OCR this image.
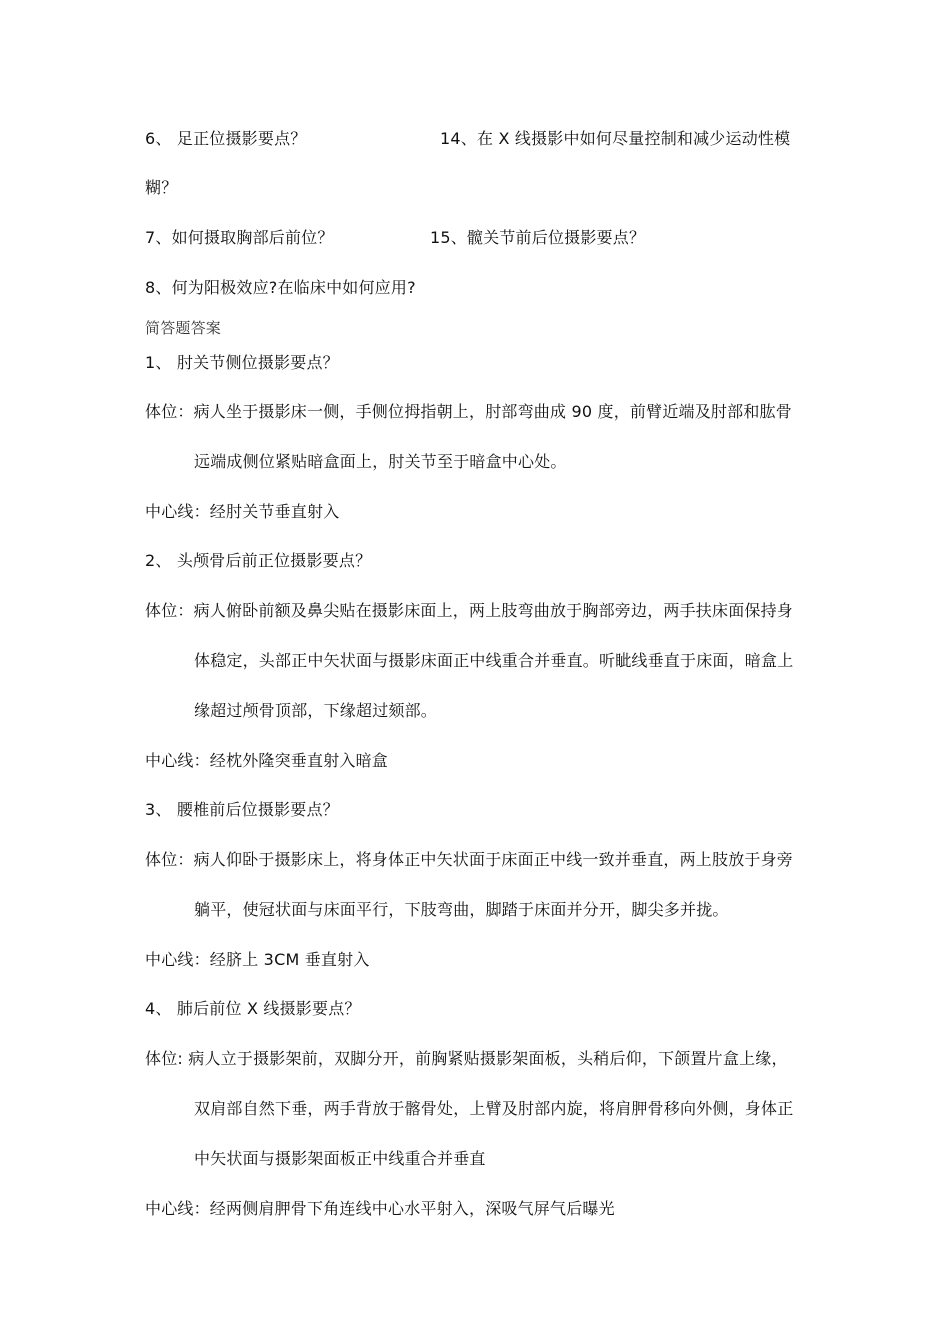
6、 足正位摄影要点？	14、在 X 线摄影中如何尽量控制和减少运动性模
糊？
7、如何摄取胸部后前位？	15、髋关节前后位摄影要点？
8、何为阳极效应?在临床中如何应用?
简答题答案
1、 肘关节侧位摄影要点？
体位：病人坐于摄影床一侧，手侧位拇指朝上，肘部弯曲成 90 度，前臂近端及肘部和肱骨
远端成侧位紧贴暗盒面上，肘关节至于暗盒中心处。
中心线：经肘关节垂直射入
2、 头颅骨后前正位摄影要点？
体位：病人俯卧前额及鼻尖贴在摄影床面上，两上肢弯曲放于胸部旁边，两手扶床面保持身
体稳定，头部正中矢状面与摄影床面正中线重合并垂直。听眦线垂直于床面，暗盒上
缘超过颅骨顶部，下缘超过颏部。
中心线：经枕外隆突垂直射入暗盒
3、 腰椎前后位摄影要点？
体位：病人仰卧于摄影床上，将身体正中矢状面于床面正中线一致并垂直，两上肢放于身旁
躺平，使冠状面与床面平行，下肢弯曲，脚踏于床面并分开，脚尖多并拢。
中心线：经脐上 3CM 垂直射入
4、 肺后前位 X 线摄影要点？
体位: 病人立于摄影架前，双脚分开，前胸紧贴摄影架面板，头稍后仰，下颌置片盒上缘，
双肩部自然下垂，两手背放于髂骨处，上臂及肘部内旋，将肩胛骨移向外侧，身体正
中矢状面与摄影架面板正中线重合并垂直
中心线：经两侧肩胛骨下角连线中心水平射入，深吸气屏气后曝光
